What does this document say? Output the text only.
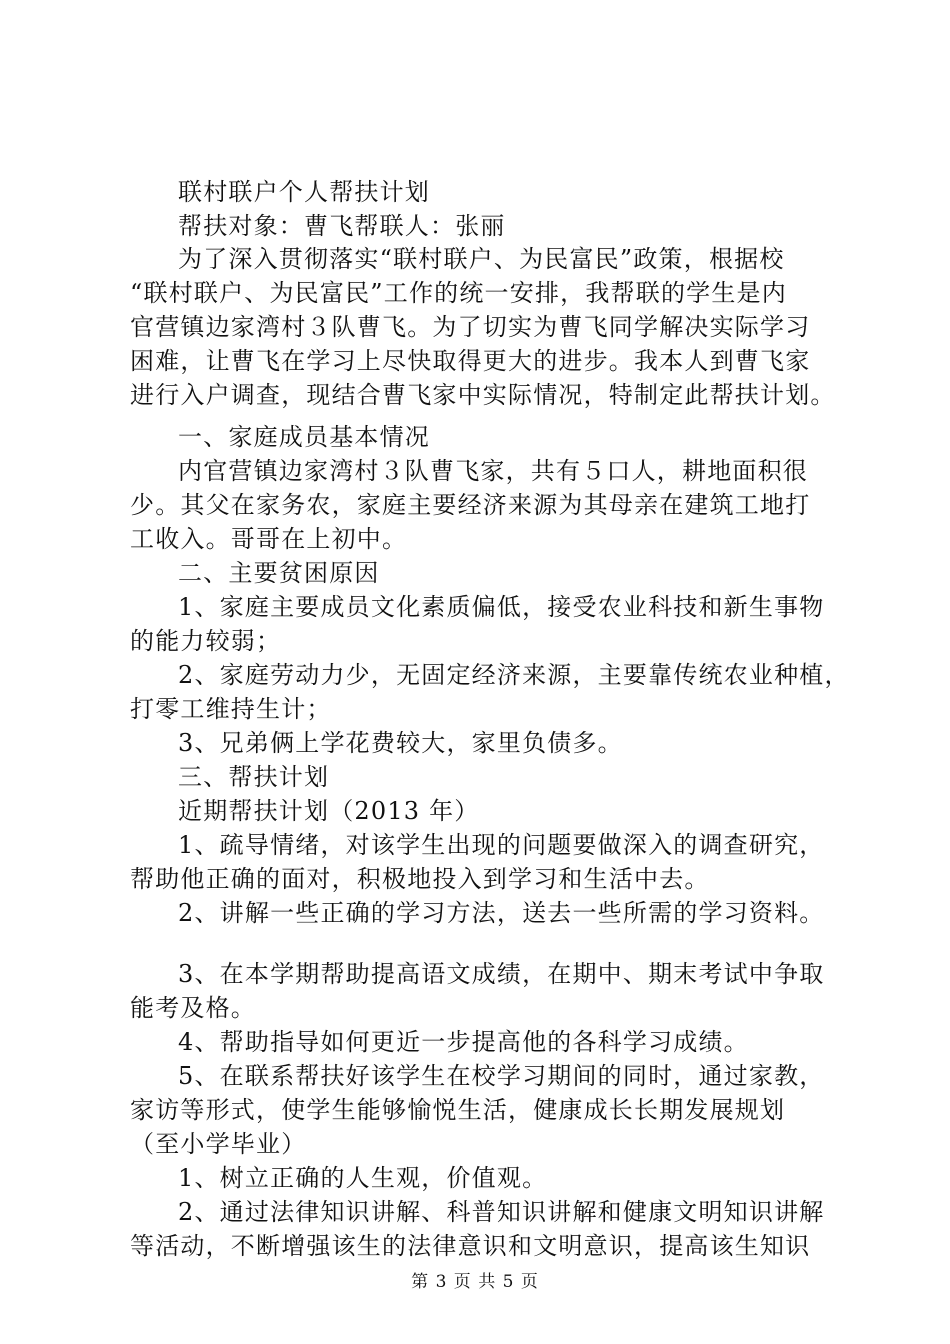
联村联户个人帮扶计划
帮扶对象：曹飞帮联人：张丽
为了深入贯彻落实“联村联户、为民富民”政策，根据校
“联村联户、为民富民”工作的统一安排，我帮联的学生是内
官营镇边家湾村３队曹飞。为了切实为曹飞同学解决实际学习
困难，让曹飞在学习上尽快取得更大的进步。我本人到曹飞家
进行入户调查，现结合曹飞家中实际情况，特制定此帮扶计划。
一、家庭成员基本情况
内官营镇边家湾村３队曹飞家，共有５口人，耕地面积很
少。其父在家务农，家庭主要经济来源为其母亲在建筑工地打
工收入。哥哥在上初中。
二、主要贫困原因
1、家庭主要成员文化素质偏低，接受农业科技和新生事物
的能力较弱；
2、家庭劳动力少，无固定经济来源，主要靠传统农业种植，
打零工维持生计；
3、兄弟俩上学花费较大，家里负债多。
三、帮扶计划
近期帮扶计划（2013 年）
1、疏导情绪，对该学生出现的问题要做深入的调查研究，
帮助他正确的面对，积极地投入到学习和生活中去。
2、讲解一些正确的学习方法，送去一些所需的学习资料。
3、在本学期帮助提高语文成绩，在期中、期末考试中争取
能考及格。
4、帮助指导如何更近一步提高他的各科学习成绩。
5、在联系帮扶好该学生在校学习期间的同时，通过家教，
家访等形式，使学生能够愉悦生活，健康成长长期发展规划
（至小学毕业）
1、树立正确的人生观，价值观。
2、通过法律知识讲解、科普知识讲解和健康文明知识讲解
等活动，不断增强该生的法律意识和文明意识，提高该生知识
第 3 页 共 5 页
